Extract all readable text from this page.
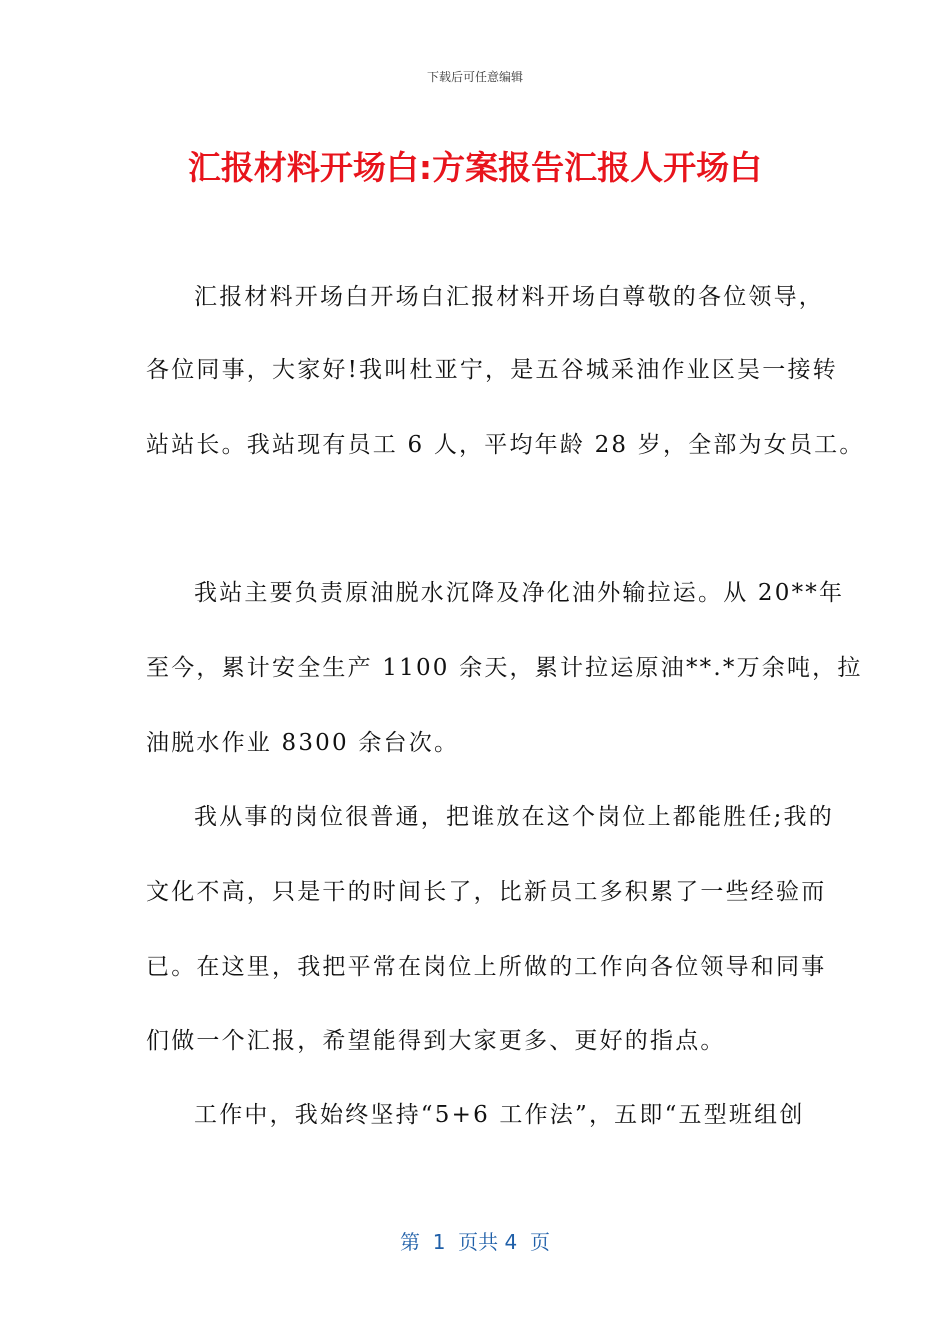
下载后可任意编辑
汇报材料开场白:方案报告汇报人开场白
汇报材料开场白开场白汇报材料开场白尊敬的各位领导，
各位同事，大家好!我叫杜亚宁，是五谷城采油作业区吴一接转
站站长。我站现有员工 6 人，平均年龄 28 岁，全部为女员工。
我站主要负责原油脱水沉降及净化油外输拉运。从 20**年
至今，累计安全生产 1100 余天，累计拉运原油**.*万余吨，拉
油脱水作业 8300 余台次。
我从事的岗位很普通，把谁放在这个岗位上都能胜任;我的
文化不高，只是干的时间长了，比新员工多积累了一些经验而
已。在这里，我把平常在岗位上所做的工作向各位领导和同事
们做一个汇报，希望能得到大家更多、更好的指点。
工作中，我始终坚持“5+6 工作法”，五即“五型班组创
第  1  页共 4  页
